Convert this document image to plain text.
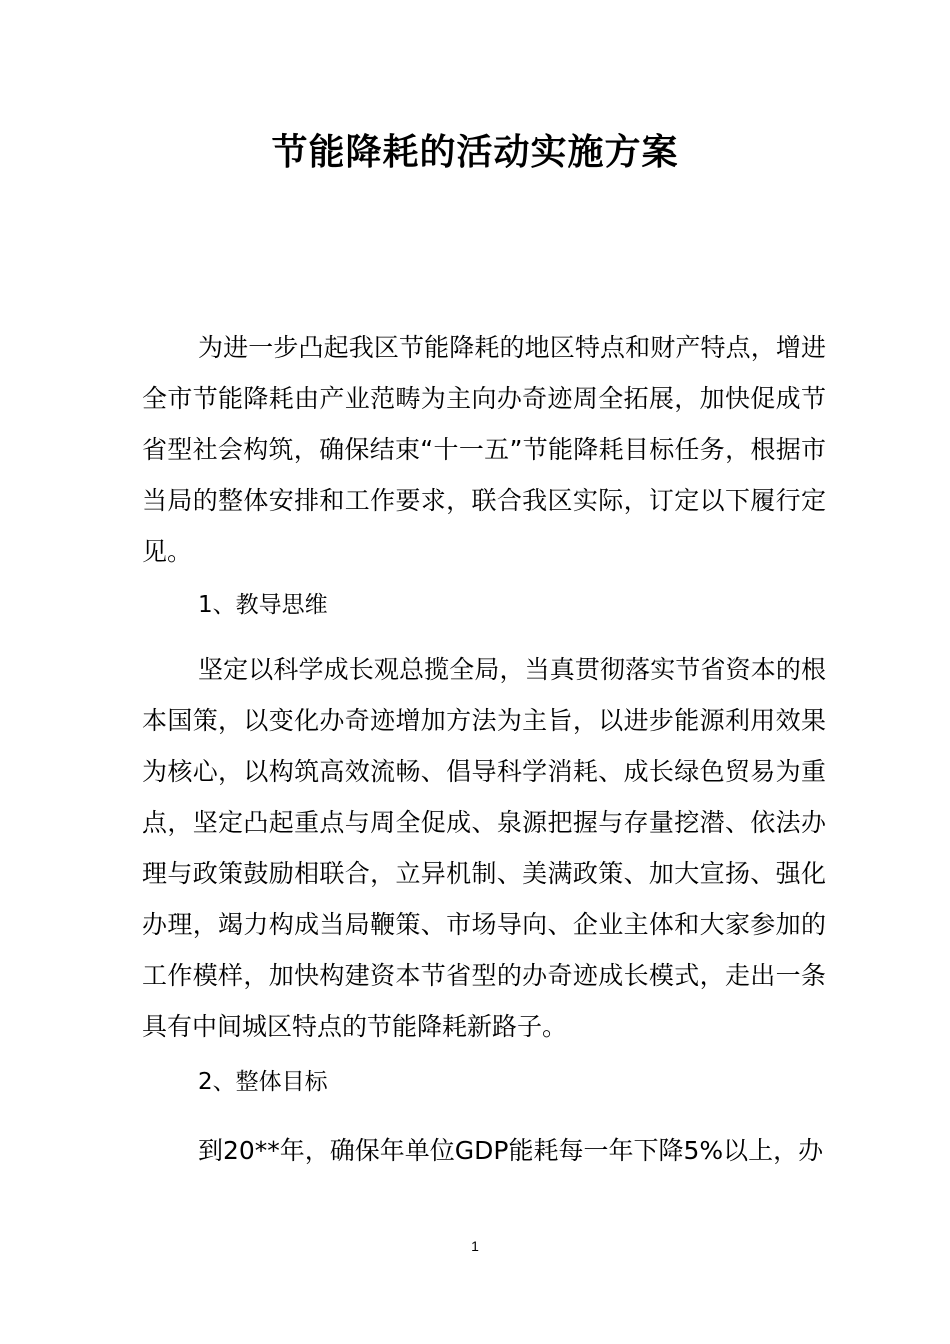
节能降耗的活动实施方案

为进一步凸起我区节能降耗的地区特点和财产特点，增进全市节能降耗由产业范畴为主向办奇迹周全拓展，加快促成节省型社会构筑，确保结束“十一五”节能降耗目标任务，根据市当局的整体安排和工作要求，联合我区实际，订定以下履行定见。

1、教导思维

坚定以科学成长观总揽全局，当真贯彻落实节省资本的根本国策，以变化办奇迹增加方法为主旨，以进步能源利用效果为核心，以构筑高效流畅、倡导科学消耗、成长绿色贸易为重点，坚定凸起重点与周全促成、泉源把握与存量挖潜、依法办理与政策鼓励相联合，立异机制、美满政策、加大宣扬、强化办理，竭力构成当局鞭策、市场导向、企业主体和大家参加的工作模样，加快构建资本节省型的办奇迹成长模式，走出一条具有中间城区特点的节能降耗新路子。

2、整体目标

到20**年，确保年单位GDP能耗每一年下降5%以上，办

1
